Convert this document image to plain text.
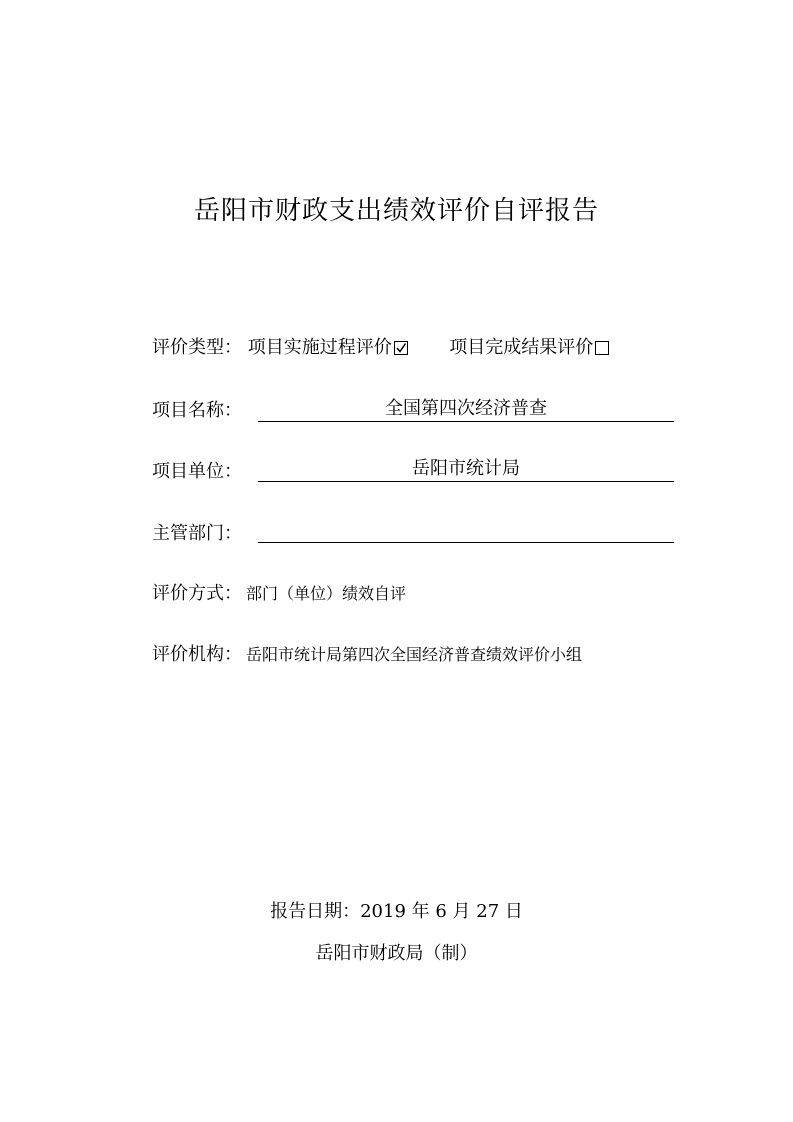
岳阳市财政支出绩效评价自评报告
评价类型： 项目实施过程评价	项目完成结果评价
项目名称：	全国第四次经济普查
项目单位：	岳阳市统计局
主管部门：
评价方式： 部门（单位）绩效自评
评价机构： 岳阳市统计局第四次全国经济普查绩效评价小组
报告日期：2019 年 6 月 27 日
岳阳市财政局（制）
